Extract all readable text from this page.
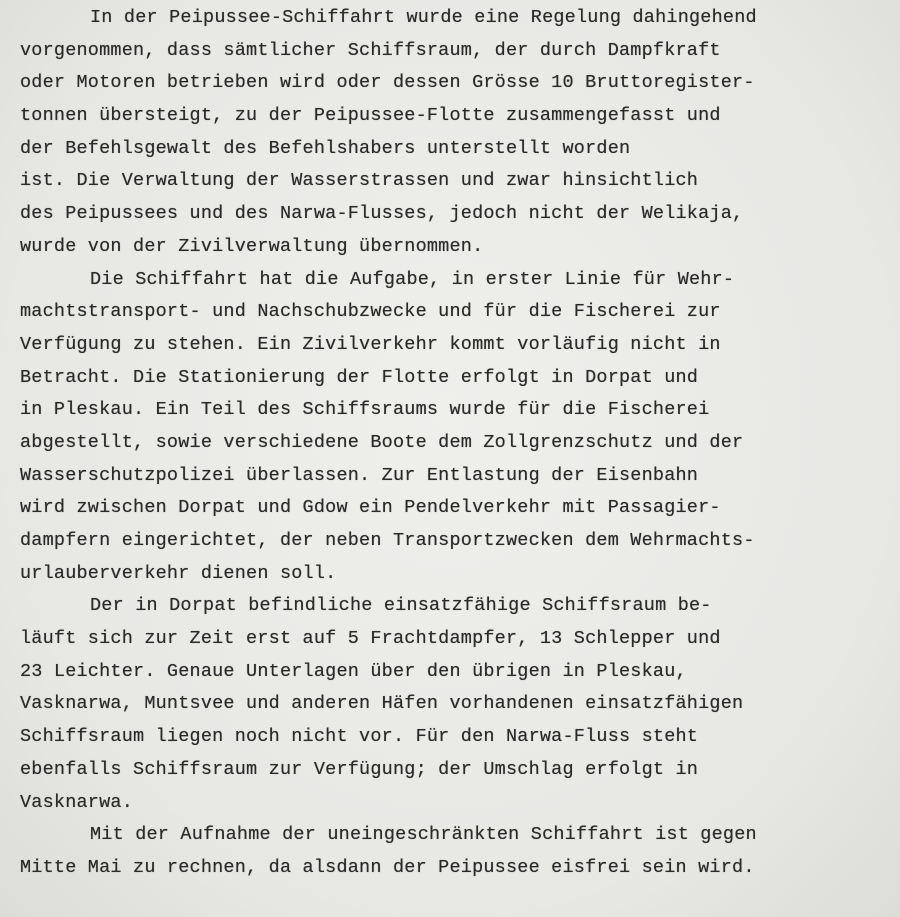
In der Peipussee-Schiffahrt wurde eine Regelung dahingehend
vorgenommen, dass sämtlicher Schiffsraum, der durch Dampfkraft
oder Motoren betrieben wird oder dessen Grösse 10 Bruttoregister-
tonnen übersteigt, zu der Peipussee-Flotte zusammengefasst und
der Befehlsgewalt des Befehlshabers unterstellt worden
ist. Die Verwaltung der Wasserstrassen und zwar hinsichtlich
des Peipussees und des Narwa-Flusses, jedoch nicht der Welikaja,
wurde von der Zivilverwaltung übernommen.
Die Schiffahrt hat die Aufgabe, in erster Linie für Wehr-
machtstransport- und Nachschubzwecke und für die Fischerei zur
Verfügung zu stehen. Ein Zivilverkehr kommt vorläufig nicht in
Betracht. Die Stationierung der Flotte erfolgt in Dorpat und
in Pleskau. Ein Teil des Schiffsraums wurde für die Fischerei
abgestellt, sowie verschiedene Boote dem Zollgrenzschutz und der
Wasserschutzpolizei überlassen. Zur Entlastung der Eisenbahn
wird zwischen Dorpat und Gdow ein Pendelverkehr mit Passagier-
dampfern eingerichtet, der neben Transportzwecken dem Wehrmachts-
urlauberverkehr dienen soll.
Der in Dorpat befindliche einsatzfähige Schiffsraum be-
läuft sich zur Zeit erst auf 5 Frachtdampfer, 13 Schlepper und
23 Leichter. Genaue Unterlagen über den übrigen in Pleskau,
Vasknarwa, Muntsvee und anderen Häfen vorhandenen einsatzfähigen
Schiffsraum liegen noch nicht vor. Für den Narwa-Fluss steht
ebenfalls Schiffsraum zur Verfügung; der Umschlag erfolgt in
Vasknarwa.
Mit der Aufnahme der uneingeschränkten Schiffahrt ist gegen
Mitte Mai zu rechnen, da alsdann der Peipussee eisfrei sein wird.
